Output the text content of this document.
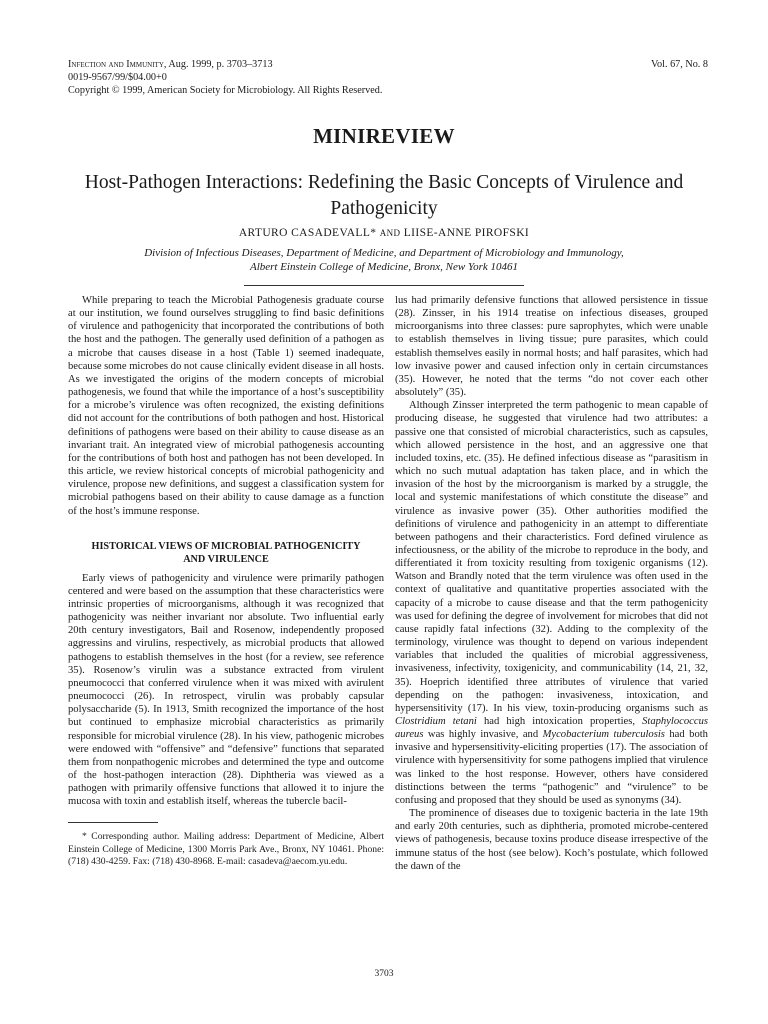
Infection and Immunity, Aug. 1999, p. 3703–3713
0019-9567/99/$04.00+0
Copyright © 1999, American Society for Microbiology. All Rights Reserved.
Vol. 67, No. 8
MINIREVIEW
Host-Pathogen Interactions: Redefining the Basic Concepts of Virulence and Pathogenicity
ARTURO CASADEVALL* AND LIISE-ANNE PIROFSKI
Division of Infectious Diseases, Department of Medicine, and Department of Microbiology and Immunology,
Albert Einstein College of Medicine, Bronx, New York 10461

While preparing to teach the Microbial Pathogenesis graduate course at our institution, we found ourselves struggling to find basic definitions of virulence and pathogenicity that incorporated the contributions of both the host and the pathogen. The generally used definition of a pathogen as a microbe that causes disease in a host (Table 1) seemed inadequate, because some microbes do not cause clinically evident disease in all hosts. As we investigated the origins of the modern concepts of microbial pathogenesis, we found that while the importance of a host’s susceptibility for a microbe’s virulence was often recognized, the existing definitions did not account for the contributions of both pathogen and host. Historical definitions of pathogens were based on their ability to cause disease as an invariant trait. An integrated view of microbial pathogenesis accounting for the contributions of both host and pathogen has not been developed. In this article, we review historical concepts of microbial pathogenicity and virulence, propose new definitions, and suggest a classification system for microbial pathogens based on their ability to cause damage as a function of the host’s immune response.

HISTORICAL VIEWS OF MICROBIAL PATHOGENICITY
AND VIRULENCE

Early views of pathogenicity and virulence were primarily pathogen centered and were based on the assumption that these characteristics were intrinsic properties of microorganisms, although it was recognized that pathogenicity was neither invariant nor absolute. Two influential early 20th century investigators, Bail and Rosenow, independently proposed aggressins and virulins, respectively, as microbial products that allowed pathogens to establish themselves in the host (for a review, see reference 35). Rosenow’s virulin was a substance extracted from virulent pneumococci that conferred virulence when it was mixed with avirulent pneumococci (26). In retrospect, virulin was probably capsular polysaccharide (5). In 1913, Smith recognized the importance of the host but continued to emphasize microbial characteristics as primarily responsible for microbial virulence (28). In his view, pathogenic microbes were endowed with “offensive” and “defensive” functions that separated them from nonpathogenic microbes and determined the type and outcome of the host-pathogen interaction (28). Diphtheria was viewed as a pathogen with primarily offensive functions that allowed it to injure the mucosa with toxin and establish itself, whereas the tubercle bacil-

* Corresponding author. Mailing address: Department of Medicine, Albert Einstein College of Medicine, 1300 Morris Park Ave., Bronx, NY 10461. Phone: (718) 430-4259. Fax: (718) 430-8968. E-mail: casadeva@aecom.yu.edu.

lus had primarily defensive functions that allowed persistence in tissue (28). Zinsser, in his 1914 treatise on infectious diseases, grouped microorganisms into three classes: pure saprophytes, which were unable to establish themselves in living tissue; pure parasites, which could establish themselves easily in normal hosts; and half parasites, which had low invasive power and caused infection only in certain circumstances (35). However, he noted that the terms “do not cover each other absolutely” (35).

Although Zinsser interpreted the term pathogenic to mean capable of producing disease, he suggested that virulence had two attributes: a passive one that consisted of microbial characteristics, such as capsules, which allowed persistence in the host, and an aggressive one that included toxins, etc. (35). He defined infectious disease as “parasitism in which no such mutual adaptation has taken place, and in which the invasion of the host by the microorganism is marked by a struggle, the local and systemic manifestations of which constitute the disease” and virulence as invasive power (35). Other authorities modified the definitions of virulence and pathogenicity in an attempt to differentiate between pathogens and their characteristics. Ford defined virulence as infectiousness, or the ability of the microbe to reproduce in the body, and differentiated it from toxicity resulting from toxigenic organisms (12). Watson and Brandly noted that the term virulence was often used in the context of qualitative and quantitative properties associated with the capacity of a microbe to cause disease and that the term pathogenicity was used for defining the degree of involvement for microbes that did not cause rapidly fatal infections (32). Adding to the complexity of the terminology, virulence was thought to depend on various independent variables that included the qualities of microbial aggressiveness, invasiveness, infectivity, toxigenicity, and communicability (14, 21, 32, 35). Hoeprich identified three attributes of virulence that varied depending on the pathogen: invasiveness, intoxication, and hypersensitivity (17). In his view, toxin-producing organisms such as Clostridium tetani had high intoxication properties, Staphylococcus aureus was highly invasive, and Mycobacterium tuberculosis had both invasive and hypersensitivity-eliciting properties (17). The association of virulence with hypersensitivity for some pathogens implied that virulence was linked to the host response. However, others have considered distinctions between the terms “pathogenic” and “virulence” to be confusing and proposed that they should be used as synonyms (34).

The prominence of diseases due to toxigenic bacteria in the late 19th and early 20th centuries, such as diphtheria, promoted microbe-centered views of pathogenesis, because toxins produce disease irrespective of the immune status of the host (see below). Koch’s postulate, which followed the dawn of the

3703
